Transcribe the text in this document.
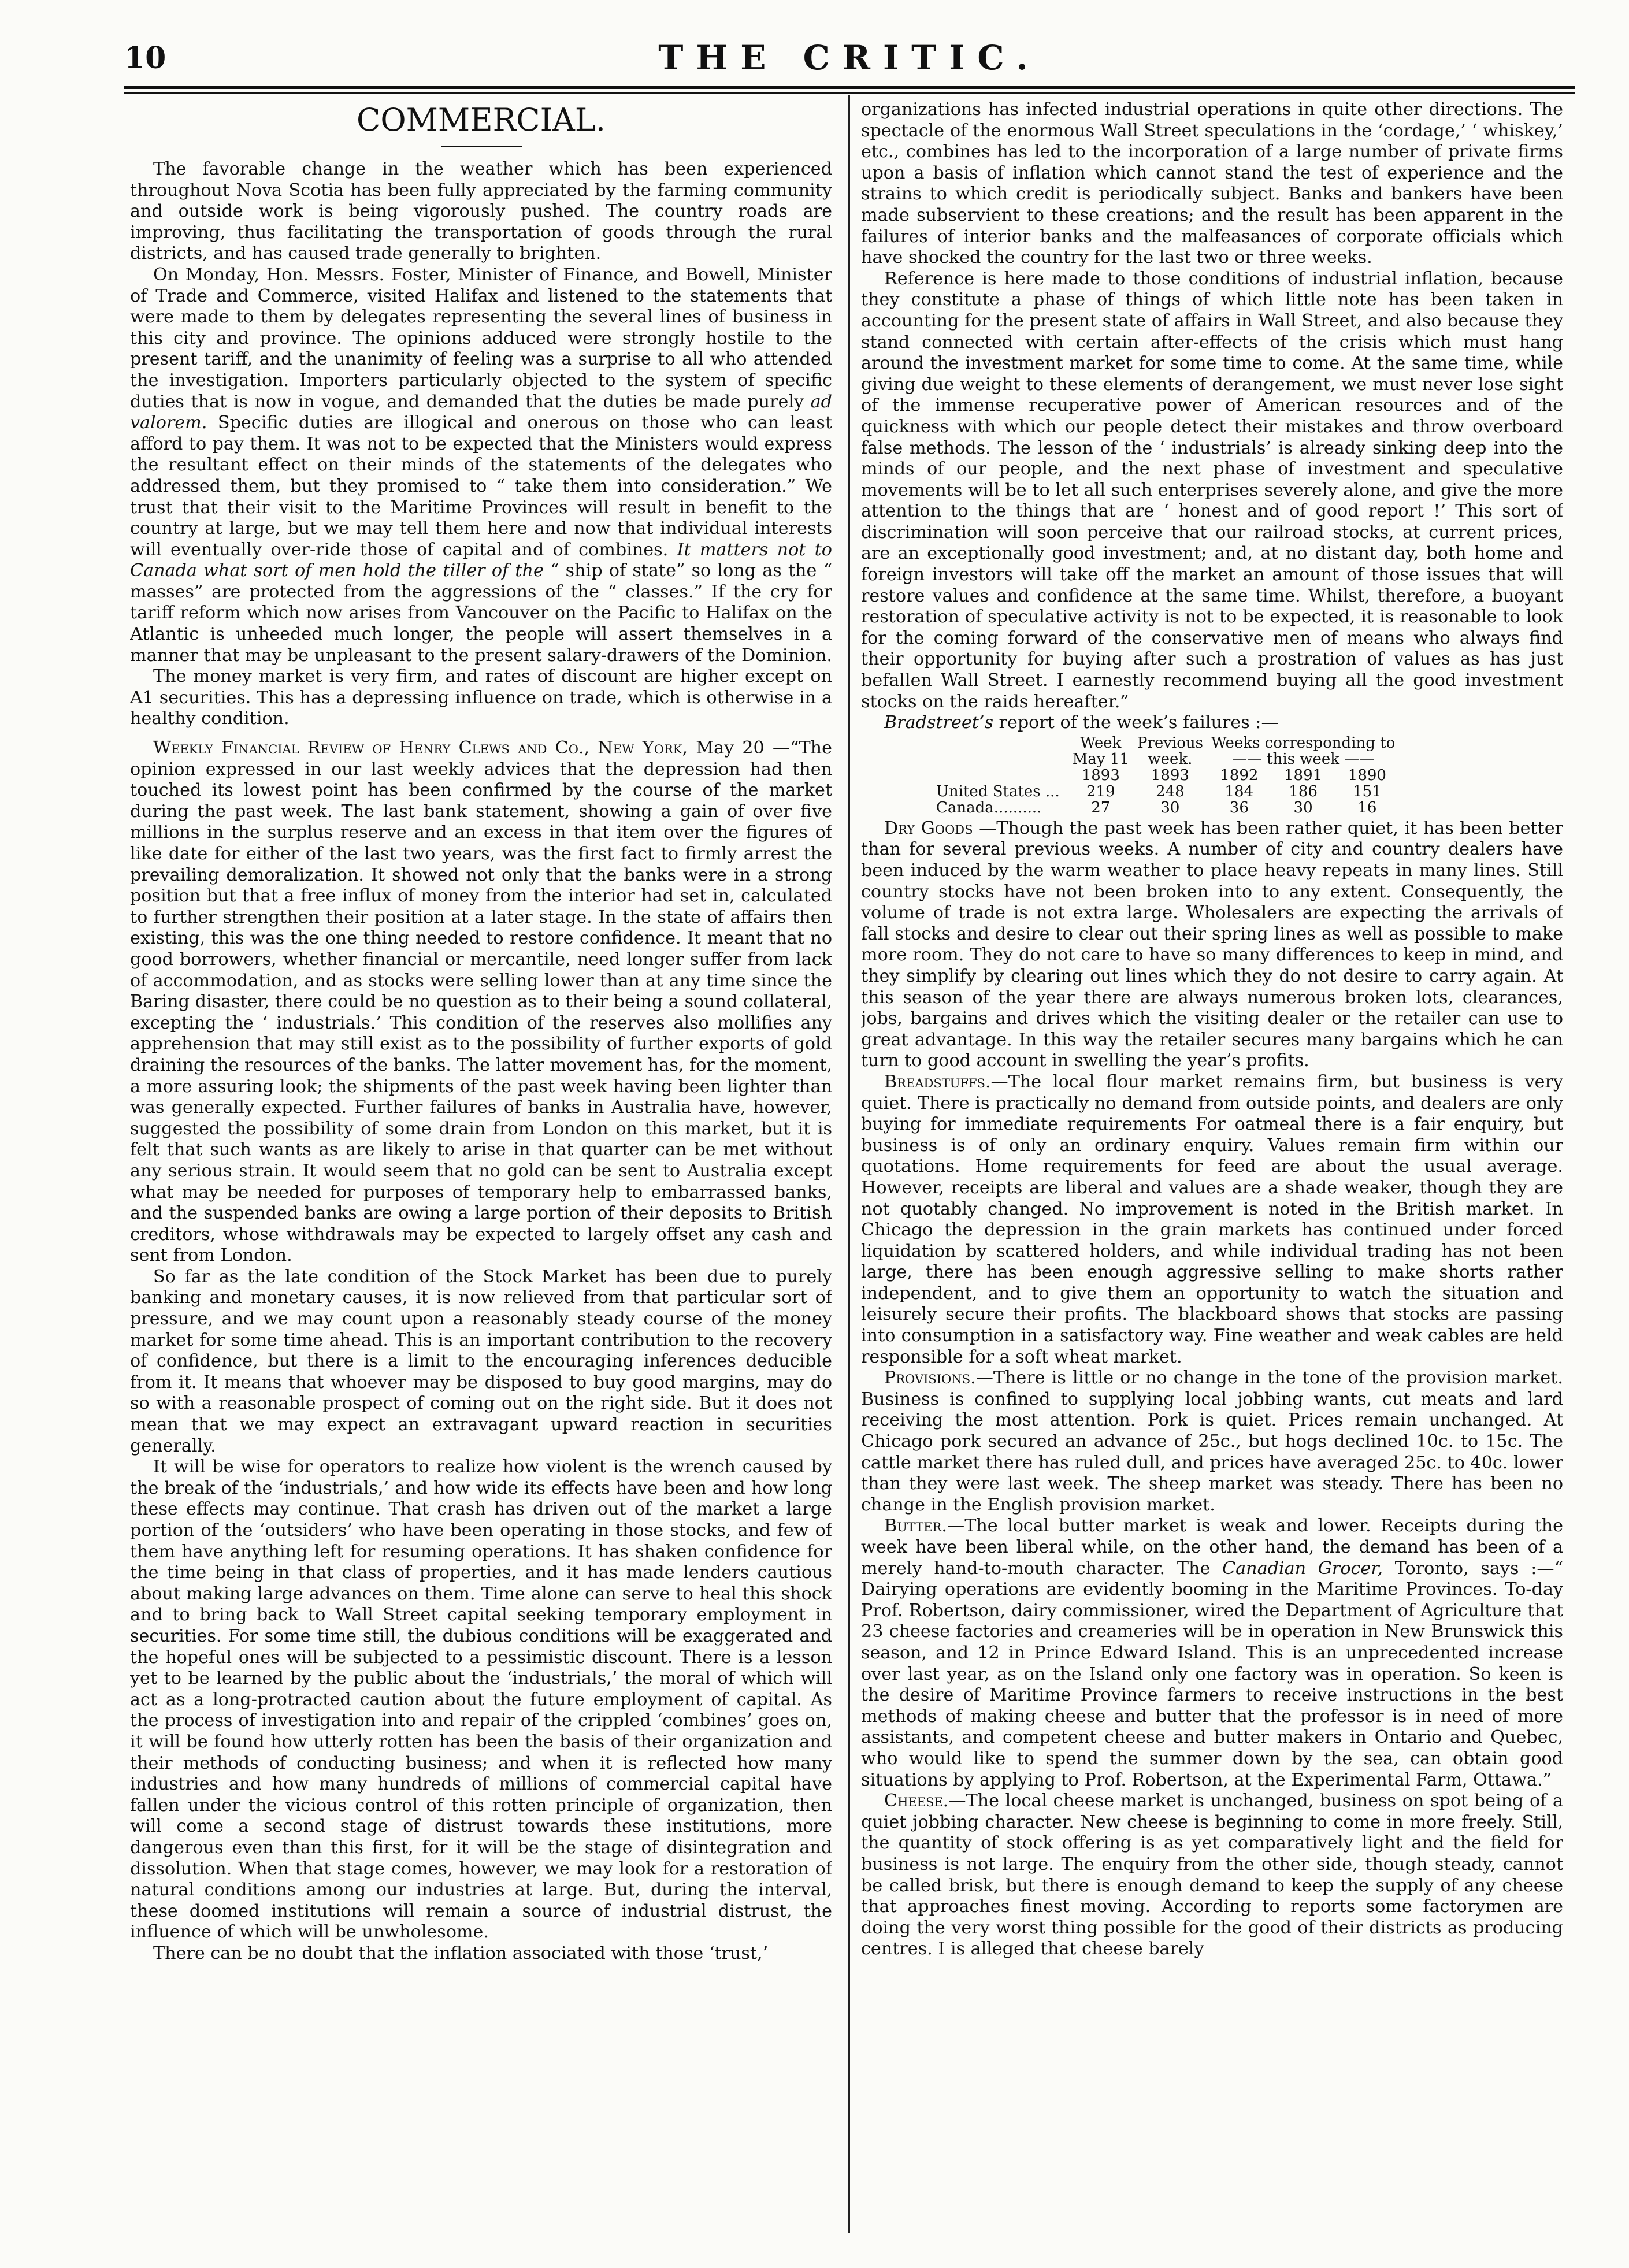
10	THE CRITIC.
COMMERCIAL.

The favorable change in the weather which has been experienced throughout Nova Scotia has been fully appreciated by the farming community and outside work is being vigorously pushed. The country roads are improving, thus facilitating the transportation of goods through the rural districts, and has caused trade generally to brighten.

On Monday, Hon. Messrs. Foster, Minister of Finance, and Bowell, Minister of Trade and Commerce, visited Halifax and listened to the statements that were made to them by delegates representing the several lines of business in this city and province. The opinions adduced were strongly hostile to the present tariff, and the unanimity of feeling was a surprise to all who attended the investigation. Importers particularly objected to the system of specific duties that is now in vogue, and demanded that the duties be made purely ad valorem. Specific duties are illogical and onerous on those who can least afford to pay them. It was not to be expected that the Ministers would express the resultant effect on their minds of the statements of the delegates who addressed them, but they promised to “ take them into consideration.” We trust that their visit to the Maritime Provinces will result in benefit to the country at large, but we may tell them here and now that individual interests will eventually over-ride those of capital and of combines. It matters not to Canada what sort of men hold the tiller of the “ ship of state” so long as the “ masses” are protected from the aggressions of the “ classes.” If the cry for tariff reform which now arises from Vancouver on the Pacific to Halifax on the Atlantic is unheeded much longer, the people will assert themselves in a manner that may be unpleasant to the present salary-drawers of the Dominion.

The money market is very firm, and rates of discount are higher except on A1 securities. This has a depressing influence on trade, which is otherwise in a healthy condition.

Weekly Financial Review of Henry Clews and Co., New York, May 20 —“The opinion expressed in our last weekly advices that the depression had then touched its lowest point has been confirmed by the course of the market during the past week. The last bank statement, showing a gain of over five millions in the surplus reserve and an excess in that item over the figures of like date for either of the last two years, was the first fact to firmly arrest the prevailing demoralization. It showed not only that the banks were in a strong position but that a free influx of money from the interior had set in, calculated to further strengthen their position at a later stage. In the state of affairs then existing, this was the one thing needed to restore confidence. It meant that no good borrowers, whether financial or mercantile, need longer suffer from lack of accommodation, and as stocks were selling lower than at any time since the Baring disaster, there could be no question as to their being a sound collateral, excepting the ‘ industrials.’ This condition of the reserves also mollifies any apprehension that may still exist as to the possibility of further exports of gold draining the resources of the banks. The latter movement has, for the moment, a more assuring look; the shipments of the past week having been lighter than was generally expected. Further failures of banks in Australia have, however, suggested the possibility of some drain from London on this market, but it is felt that such wants as are likely to arise in that quarter can be met without any serious strain. It would seem that no gold can be sent to Australia except what may be needed for purposes of temporary help to embarrassed banks, and the suspended banks are owing a large portion of their deposits to British creditors, whose withdrawals may be expected to largely offset any cash and sent from London.

So far as the late condition of the Stock Market has been due to purely banking and monetary causes, it is now relieved from that particular sort of pressure, and we may count upon a reasonably steady course of the money market for some time ahead. This is an important contribution to the recovery of confidence, but there is a limit to the encouraging inferences deducible from it. It means that whoever may be disposed to buy good margins, may do so with a reasonable prospect of coming out on the right side. But it does not mean that we may expect an extravagant upward reaction in securities generally.

It will be wise for operators to realize how violent is the wrench caused by the break of the ‘industrials,’ and how wide its effects have been and how long these effects may continue. That crash has driven out of the market a large portion of the ‘outsiders’ who have been operating in those stocks, and few of them have anything left for resuming operations. It has shaken confidence for the time being in that class of properties, and it has made lenders cautious about making large advances on them. Time alone can serve to heal this shock and to bring back to Wall Street capital seeking temporary employment in securities. For some time still, the dubious conditions will be exaggerated and the hopeful ones will be subjected to a pessimistic discount. There is a lesson yet to be learned by the public about the ‘industrials,’ the moral of which will act as a long-protracted caution about the future employment of capital. As the process of investigation into and repair of the crippled ‘combines’ goes on, it will be found how utterly rotten has been the basis of their organization and their methods of conducting business; and when it is reflected how many industries and how many hundreds of millions of commercial capital have fallen under the vicious control of this rotten principle of organization, then will come a second stage of distrust towards these institutions, more dangerous even than this first, for it will be the stage of disintegration and dissolution. When that stage comes, however, we may look for a restoration of natural conditions among our industries at large. But, during the interval, these doomed institutions will remain a source of industrial distrust, the influence of which will be unwholesome.

There can be no doubt that the inflation associated with those ‘trust,’

organizations has infected industrial operations in quite other directions. The spectacle of the enormous Wall Street speculations in the ‘cordage,’ ‘ whiskey,’ etc., combines has led to the incorporation of a large number of private firms upon a basis of inflation which cannot stand the test of experience and the strains to which credit is periodically subject. Banks and bankers have been made subservient to these creations; and the result has been apparent in the failures of interior banks and the malfeasances of corporate officials which have shocked the country for the last two or three weeks.

Reference is here made to those conditions of industrial inflation, because they constitute a phase of things of which little note has been taken in accounting for the present state of affairs in Wall Street, and also because they stand connected with certain after-effects of the crisis which must hang around the investment market for some time to come. At the same time, while giving due weight to these elements of derangement, we must never lose sight of the immense recuperative power of American resources and of the quickness with which our people detect their mistakes and throw overboard false methods. The lesson of the ‘ industrials’ is already sinking deep into the minds of our people, and the next phase of investment and speculative movements will be to let all such enterprises severely alone, and give the more attention to the things that are ‘ honest and of good report !’ This sort of discrimination will soon perceive that our railroad stocks, at current prices, are an exceptionally good investment; and, at no distant day, both home and foreign investors will take off the market an amount of those issues that will restore values and confidence at the same time. Whilst, therefore, a buoyant restoration of speculative activity is not to be expected, it is reasonable to look for the coming forward of the conservative men of means who always find their opportunity for buying after such a prostration of values as has just befallen Wall Street. I earnestly recommend buying all the good investment stocks on the raids hereafter.”

Bradstreet’s report of the week’s failures :—

	Week	Previous	Weeks corresponding to		
	May 11	week.	—— this week ——		
	1893	1893	1892	1891	1890
United States ...	219	248	184	186	151
Canada..........	27	30	36	30	16

Dry Goods —Though the past week has been rather quiet, it has been better than for several previous weeks. A number of city and country dealers have been induced by the warm weather to place heavy repeats in many lines. Still country stocks have not been broken into to any extent. Consequently, the volume of trade is not extra large. Wholesalers are expecting the arrivals of fall stocks and desire to clear out their spring lines as well as possible to make more room. They do not care to have so many differences to keep in mind, and they simplify by clearing out lines which they do not desire to carry again. At this season of the year there are always numerous broken lots, clearances, jobs, bargains and drives which the visiting dealer or the retailer can use to great advantage. In this way the retailer secures many bargains which he can turn to good account in swelling the year’s profits.

Breadstuffs.—The local flour market remains firm, but business is very quiet. There is practically no demand from outside points, and dealers are only buying for immediate requirements For oatmeal there is a fair enquiry, but business is of only an ordinary enquiry. Values remain firm within our quotations. Home requirements for feed are about the usual average. However, receipts are liberal and values are a shade weaker, though they are not quotably changed. No improvement is noted in the British market. In Chicago the depression in the grain markets has continued under forced liquidation by scattered holders, and while individual trading has not been large, there has been enough aggressive selling to make shorts rather independent, and to give them an opportunity to watch the situation and leisurely secure their profits. The blackboard shows that stocks are passing into consumption in a satisfactory way. Fine weather and weak cables are held responsible for a soft wheat market.

Provisions.—There is little or no change in the tone of the provision market. Business is confined to supplying local jobbing wants, cut meats and lard receiving the most attention. Pork is quiet. Prices remain unchanged. At Chicago pork secured an advance of 25c., but hogs declined 10c. to 15c. The cattle market there has ruled dull, and prices have averaged 25c. to 40c. lower than they were last week. The sheep market was steady. There has been no change in the English provision market.

Butter.—The local butter market is weak and lower. Receipts during the week have been liberal while, on the other hand, the demand has been of a merely hand-to-mouth character. The Canadian Grocer, Toronto, says :—“ Dairying operations are evidently booming in the Maritime Provinces. To-day Prof. Robertson, dairy commissioner, wired the Department of Agriculture that 23 cheese factories and creameries will be in operation in New Brunswick this season, and 12 in Prince Edward Island. This is an unprecedented increase over last year, as on the Island only one factory was in operation. So keen is the desire of Maritime Province farmers to receive instructions in the best methods of making cheese and butter that the professor is in need of more assistants, and competent cheese and butter makers in Ontario and Quebec, who would like to spend the summer down by the sea, can obtain good situations by applying to Prof. Robertson, at the Experimental Farm, Ottawa.”

Cheese.—The local cheese market is unchanged, business on spot being of a quiet jobbing character. New cheese is beginning to come in more freely. Still, the quantity of stock offering is as yet comparatively light and the field for business is not large. The enquiry from the other side, though steady, cannot be called brisk, but there is enough demand to keep the supply of any cheese that approaches finest moving. According to reports some factorymen are doing the very worst thing possible for the good of their districts as producing centres. I is alleged that cheese barely
